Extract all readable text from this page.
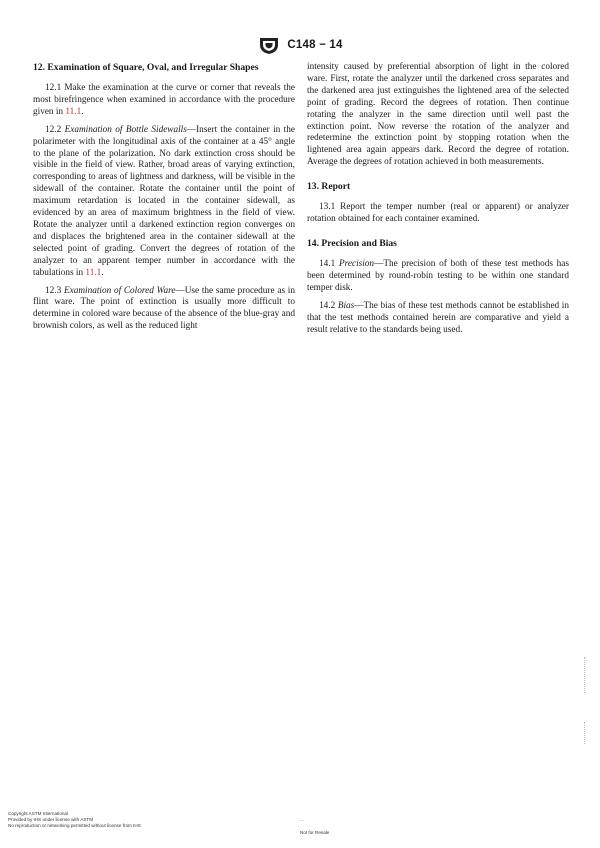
C148 − 14
12. Examination of Square, Oval, and Irregular Shapes

12.1 Make the examination at the curve or corner that reveals the most birefringence when examined in accordance with the procedure given in 11.1.

12.2 Examination of Bottle Sidewalls—Insert the container in the polarimeter with the longitudinal axis of the container at a 45° angle to the plane of the polarization. No dark extinction cross should be visible in the field of view. Rather, broad areas of varying extinction, corresponding to areas of lightness and darkness, will be visible in the sidewall of the container. Rotate the container until the point of maximum retardation is located in the container sidewall, as evidenced by an area of maximum brightness in the field of view. Rotate the analyzer until a darkened extinction region converges on and displaces the brightened area in the container sidewall at the selected point of grading. Convert the degrees of rotation of the analyzer to an apparent temper number in accordance with the tabulations in 11.1.

12.3 Examination of Colored Ware—Use the same procedure as in flint ware. The point of extinction is usually more difficult to determine in colored ware because of the absence of the blue-gray and brownish colors, as well as the reduced light

intensity caused by preferential absorption of light in the colored ware. First, rotate the analyzer until the darkened cross separates and the darkened area just extinguishes the lightened area of the selected point of grading. Record the degrees of rotation. Then continue rotating the analyzer in the same direction until well past the extinction point. Now reverse the rotation of the analyzer and redetermine the extinction point by stopping rotation when the lightened area again appears dark. Record the degree of rotation. Average the degrees of rotation achieved in both measurements.

13. Report

13.1 Report the temper number (real or apparent) or analyzer rotation obtained for each container examined.

14. Precision and Bias

14.1 Precision—The precision of both of these test methods has been determined by round-robin testing to be within one standard temper disk.

14.2 Bias—The bias of these test methods cannot be established in that the test methods contained herein are comparative and yield a result relative to the standards being used.

- -
Copyright ASTM International
Provided by IHS under license with ASTM
No reproduction or networking permitted without license from IHS
Not for Resale
